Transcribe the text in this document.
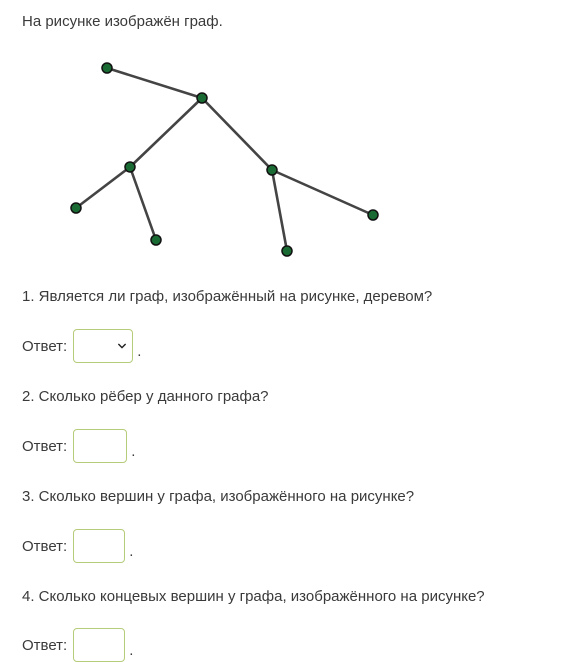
На рисунке изображён граф.

1. Является ли граф, изображённый на рисунке, деревом?

Ответ:	.

2. Сколько рёбер у данного графа?

Ответ:	.

3. Сколько вершин у графа, изображённого на рисунке?

Ответ:	.

4. Сколько концевых вершин у графа, изображённого на рисунке?

Ответ:	.
